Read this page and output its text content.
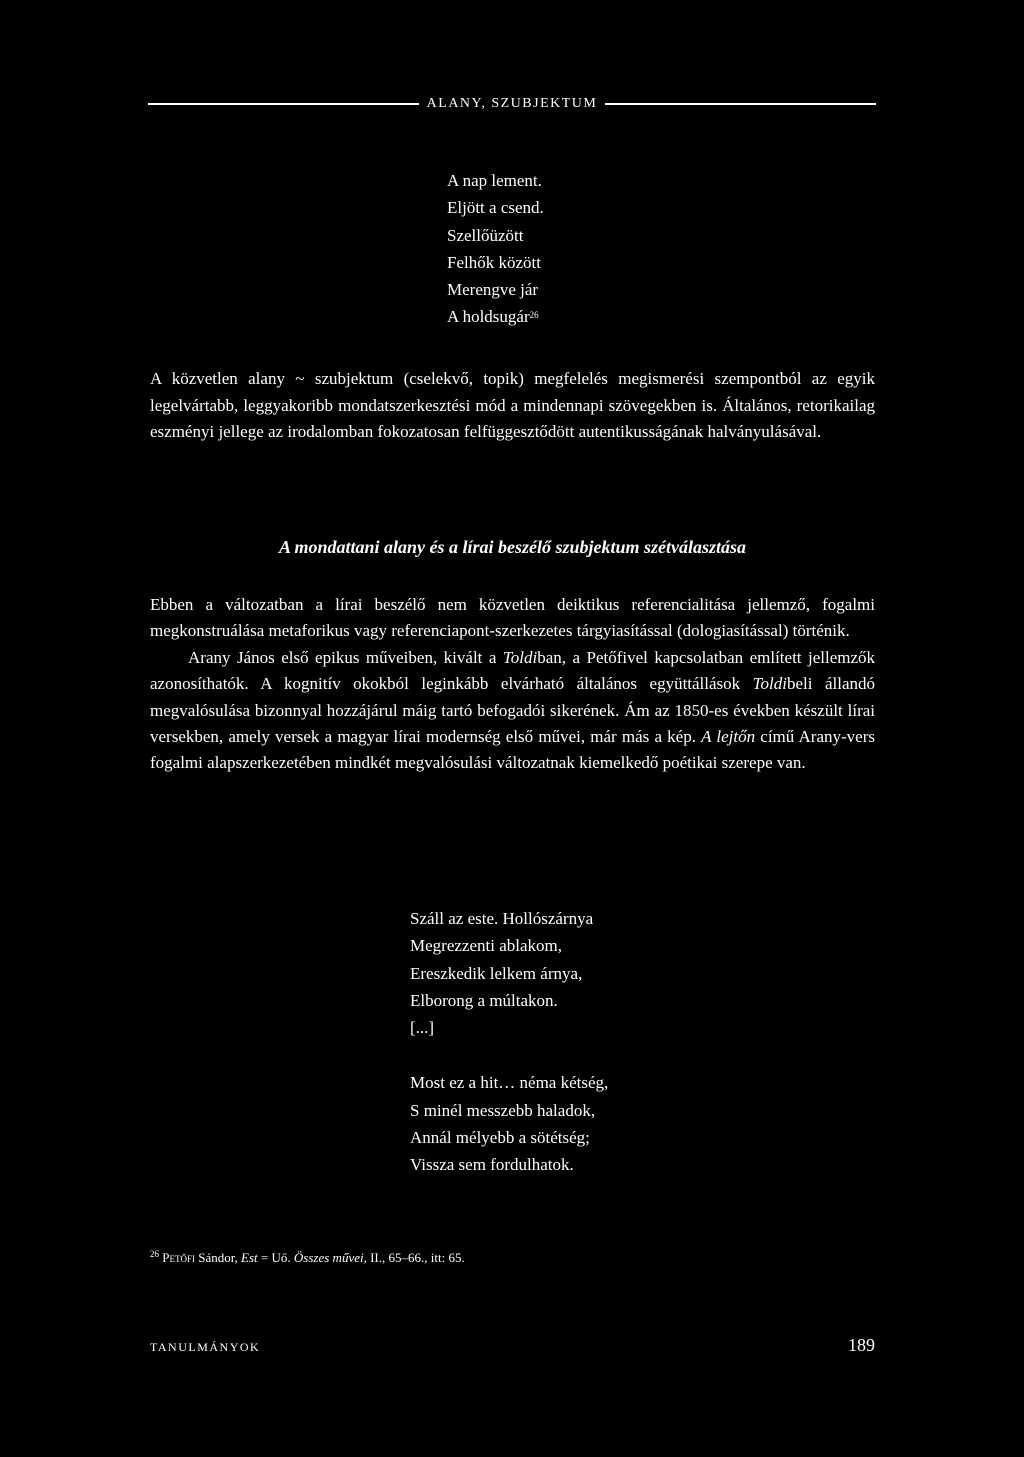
ALANY, SZUBJEKTUM
A nap lement.
Eljött a csend.
Szellőüzött
Felhők között
Merengve jár
A holdsugár$^{26}$

A közvetlen alany ~ szubjektum (cselekvő, topik) megfelelés megismerési szempontból az egyik legelvártabb, leggyakoribb mondatszerkesztési mód a mindennapi szövegekben is. Általános, retorikailag eszményi jellege az irodalomban fokozatosan felfüggesztődött autentikusságának halványulásával.

A mondattani alany és a lírai beszélő szubjektum szétválasztása

Ebben a változatban a lírai beszélő nem közvetlen deiktikus referencialitása jellemző, fogalmi megkonstruálása metaforikus vagy referenciapont-szerkezetes tárgyiasítással (dologiasítással) történik.
Arany János első epikus műveiben, kivált a Toldiban, a Petőfivel kapcsolatban említett jellemzők azonosíthatók. A kognitív okokból leginkább elvárható általános együttállások Toldibeli állandó megvalósulása bizonnyal hozzájárul máig tartó befogadói sikerének. Ám az 1850-es években készült lírai versekben, amely versek a magyar lírai modernség első művei, már más a kép. A lejtőn című Arany-vers fogalmi alapszerkezetében mindkét megvalósulási változatnak kiemelkedő poétikai szerepe van.

Száll az este. Hollószárnya
Megrezzenti ablakom,
Ereszkedik lelkem árnya,
Elborong a múltakon.
[...]
Most ez a hit… néma kétség,
S minél messzebb haladok,
Annál mélyebb a sötétség;
Vissza sem fordulhatok.
$^{26}$ Petőfi Sándor, Est = Uő. Összes művei, II., 65–66., itt: 65.
TANULMÁNYOK	189
